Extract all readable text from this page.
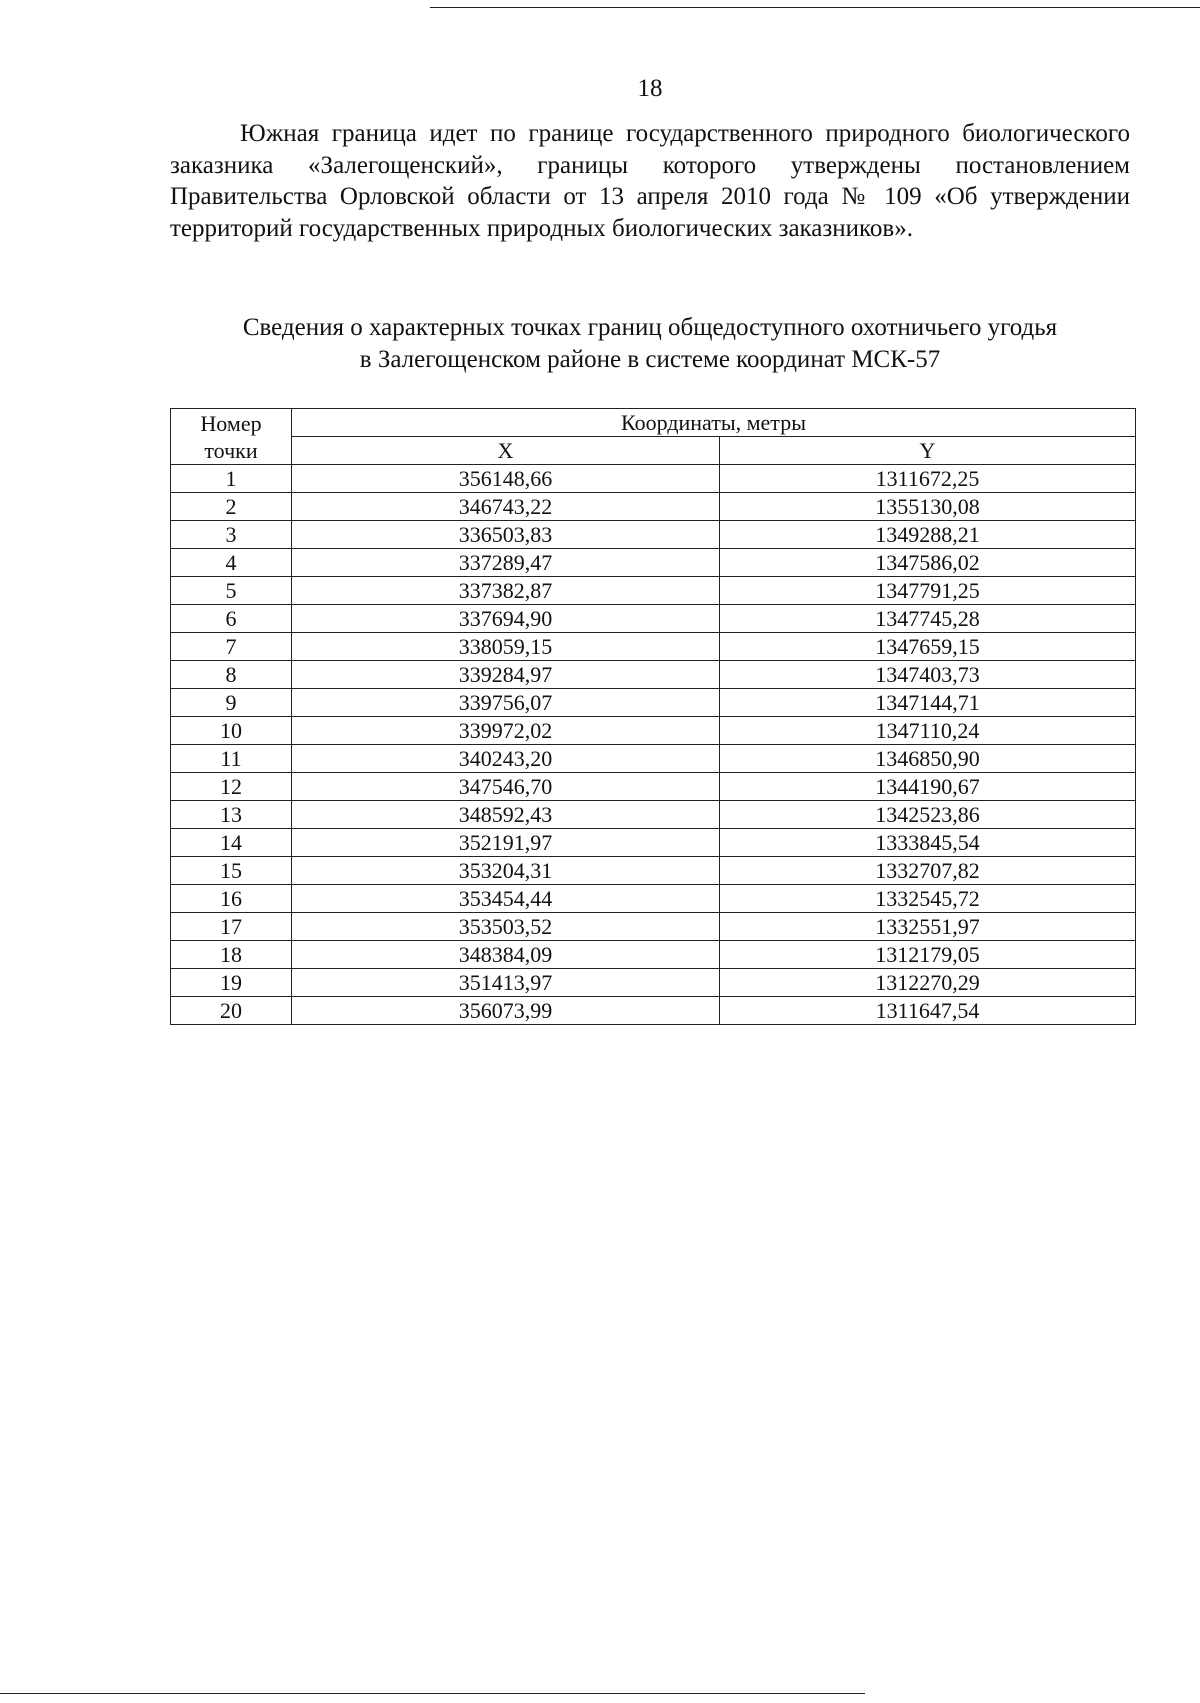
18

Южная граница идет по границе государственного природного биологического заказника «Залегощенский», границы которого утверждены постановлением Правительства Орловской области от 13 апреля 2010 года № 109 «Об утверждении территорий государственных природных биологических заказников».

Сведения о характерных точках границ общедоступного охотничьего угодья
в Залегощенском районе в системе координат МСК-57

Номер
точки	Координаты, метры	
	X	Y
1	356148,66	1311672,25
2	346743,22	1355130,08
3	336503,83	1349288,21
4	337289,47	1347586,02
5	337382,87	1347791,25
6	337694,90	1347745,28
7	338059,15	1347659,15
8	339284,97	1347403,73
9	339756,07	1347144,71
10	339972,02	1347110,24
11	340243,20	1346850,90
12	347546,70	1344190,67
13	348592,43	1342523,86
14	352191,97	1333845,54
15	353204,31	1332707,82
16	353454,44	1332545,72
17	353503,52	1332551,97
18	348384,09	1312179,05
19	351413,97	1312270,29
20	356073,99	1311647,54
